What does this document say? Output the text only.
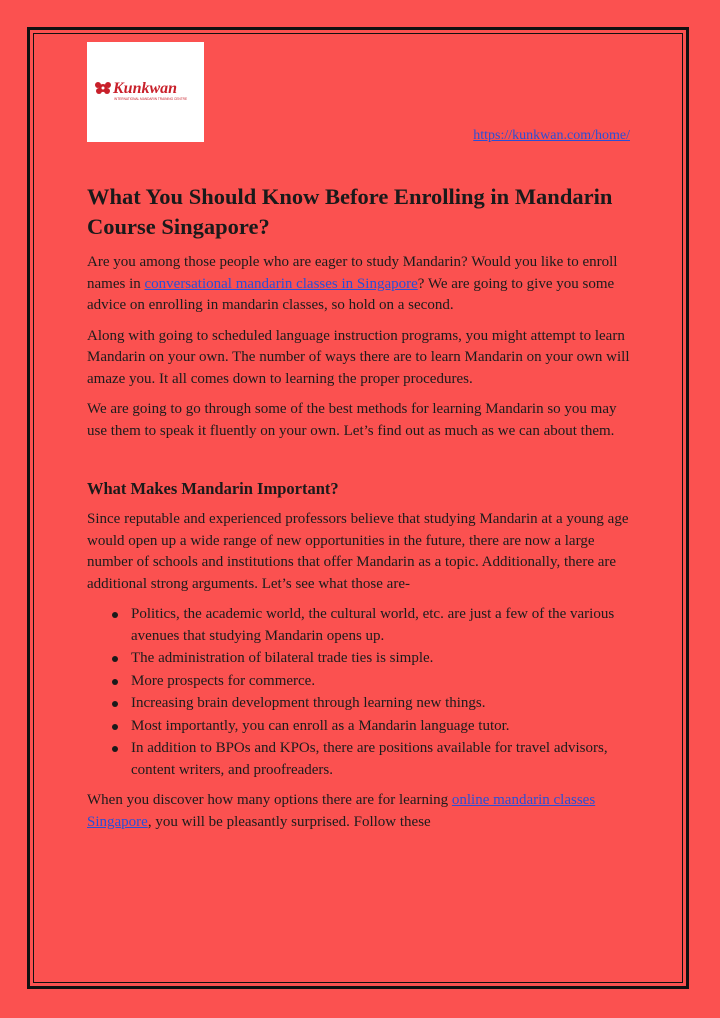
Kunkwan
INTERNATIONAL MANDARIN TRAINING CENTRE
https://kunkwan.com/home/
What You Should Know Before Enrolling in Mandarin Course Singapore?

Are you among those people who are eager to study Mandarin? Would you like to enroll names in conversational mandarin classes in Singapore? We are going to give you some advice on enrolling in mandarin classes, so hold on a second.

Along with going to scheduled language instruction programs, you might attempt to learn Mandarin on your own. The number of ways there are to learn Mandarin on your own will amaze you. It all comes down to learning the proper procedures.

We are going to go through some of the best methods for learning Mandarin so you may use them to speak it fluently on your own. Let’s find out as much as we can about them.

What Makes Mandarin Important?

Since reputable and experienced professors believe that studying Mandarin at a young age would open up a wide range of new opportunities in the future, there are now a large number of schools and institutions that offer Mandarin as a topic. Additionally, there are additional strong arguments. Let’s see what those are-

Politics, the academic world, the cultural world, etc. are just a few of the various avenues that studying Mandarin opens up.
The administration of bilateral trade ties is simple.
More prospects for commerce.
Increasing brain development through learning new things.
Most importantly, you can enroll as a Mandarin language tutor.
In addition to BPOs and KPOs, there are positions available for travel advisors, content writers, and proofreaders.

When you discover how many options there are for learning online mandarin classes Singapore, you will be pleasantly surprised. Follow these
